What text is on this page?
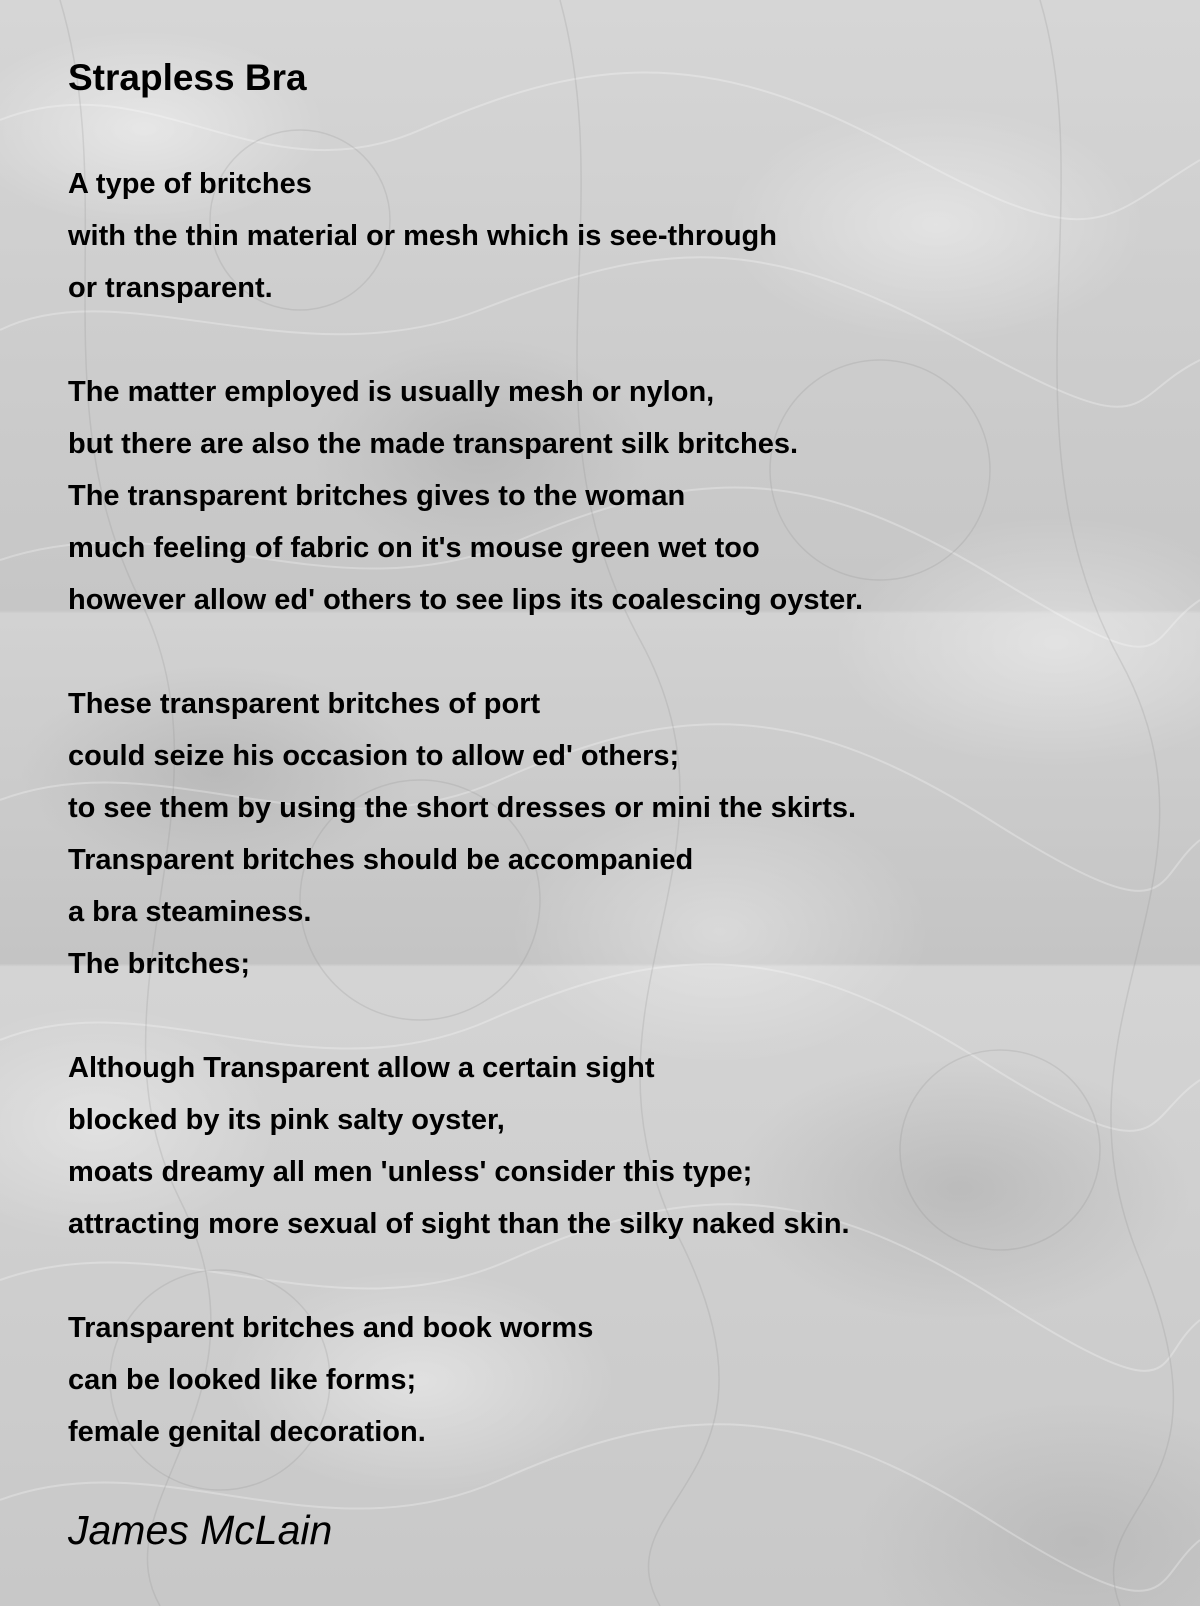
Strapless Bra
A type of britches
with the thin material or mesh which is see-through
or transparent.
The matter employed is usually mesh or nylon,
but there are also the made transparent silk britches.
The transparent britches gives to the woman
much feeling of fabric on it's mouse green wet too
however allow ed' others to see lips its coalescing oyster.
These transparent britches of port
could seize his occasion to allow ed' others;
to see them by using the short dresses or mini the skirts.
Transparent britches should be accompanied
a bra steaminess.
The britches;
Although Transparent allow a certain sight
blocked by its pink salty oyster,
moats dreamy all men 'unless' consider this type;
attracting more sexual of sight than the silky naked skin.
Transparent britches and book worms
can be looked like forms;
female genital decoration.
James McLain
